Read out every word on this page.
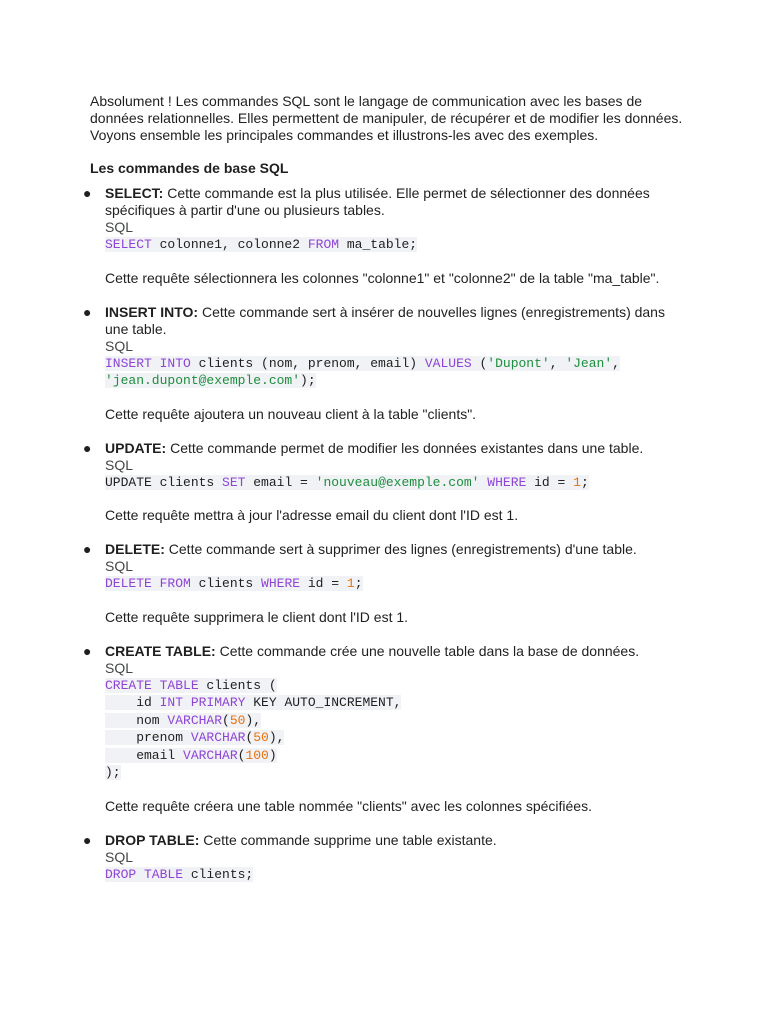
Absolument ! Les commandes SQL sont le langage de communication avec les bases de données relationnelles. Elles permettent de manipuler, de récupérer et de modifier les données. Voyons ensemble les principales commandes et illustrons-les avec des exemples.

Les commandes de base SQL

● SELECT: Cette commande est la plus utilisée. Elle permet de sélectionner des données spécifiques à partir d'une ou plusieurs tables.

SQL
SELECT colonne1, colonne2 FROM ma_table;

Cette requête sélectionnera les colonnes "colonne1" et "colonne2" de la table "ma_table".

● INSERT INTO: Cette commande sert à insérer de nouvelles lignes (enregistrements) dans une table.

SQL
INSERT INTO clients (nom, prenom, email) VALUES ('Dupont', 'Jean',
'jean.dupont@exemple.com');

Cette requête ajoutera un nouveau client à la table "clients".

● UPDATE: Cette commande permet de modifier les données existantes dans une table.

SQL
UPDATE clients SET email = 'nouveau@exemple.com' WHERE id = 1;

Cette requête mettra à jour l'adresse email du client dont l'ID est 1.

● DELETE: Cette commande sert à supprimer des lignes (enregistrements) d'une table.

SQL
DELETE FROM clients WHERE id = 1;

Cette requête supprimera le client dont l'ID est 1.

● CREATE TABLE: Cette commande crée une nouvelle table dans la base de données.

SQL
CREATE TABLE clients (
id INT PRIMARY KEY AUTO_INCREMENT,
nom VARCHAR(50),
prenom VARCHAR(50),
email VARCHAR(100)
);

Cette requête créera une table nommée "clients" avec les colonnes spécifiées.

● DROP TABLE: Cette commande supprime une table existante.

SQL
DROP TABLE clients;
